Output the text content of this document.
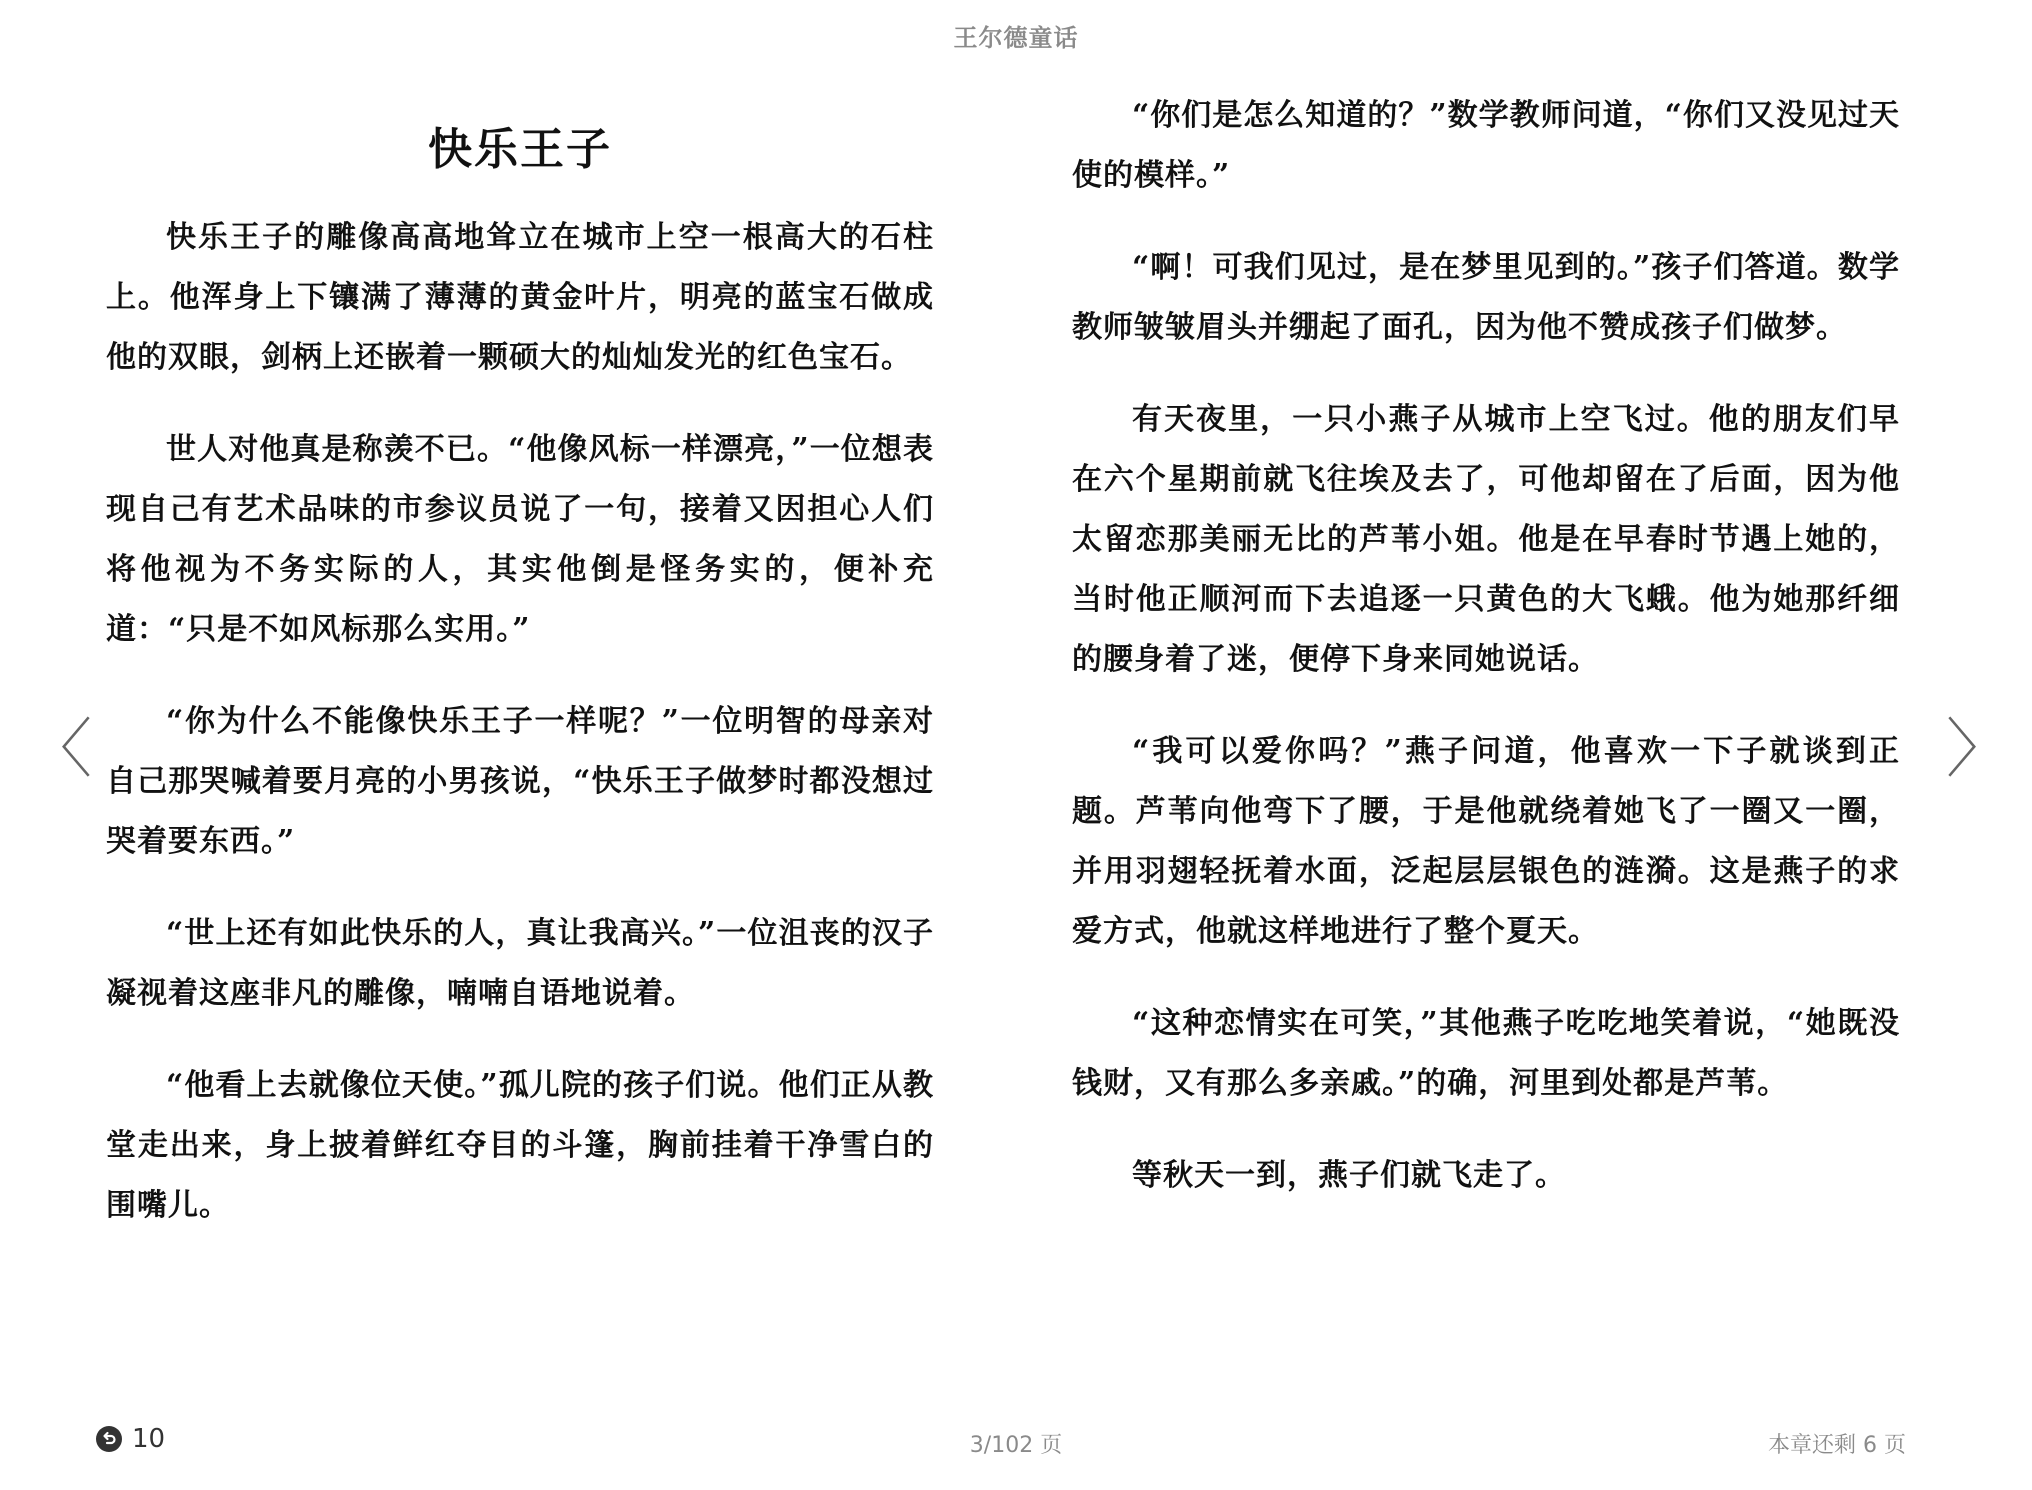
王尔德童话
快乐王子

快乐王子的雕像高高地耸立在城市上空一根高大的石柱上。他浑身上下镶满了薄薄的黄金叶片，明亮的蓝宝石做成他的双眼，剑柄上还嵌着一颗硕大的灿灿发光的红色宝石。

世人对他真是称羡不已。“他像风标一样漂亮，”一位想表现自己有艺术品味的市参议员说了一句，接着又因担心人们将他视为不务实际的人，其实他倒是怪务实的，便补充道：“只是不如风标那么实用。”

“你为什么不能像快乐王子一样呢？”一位明智的母亲对自己那哭喊着要月亮的小男孩说，“快乐王子做梦时都没想过哭着要东西。”

“世上还有如此快乐的人，真让我高兴。”一位沮丧的汉子凝视着这座非凡的雕像，喃喃自语地说着。

“他看上去就像位天使。”孤儿院的孩子们说。他们正从教堂走出来，身上披着鲜红夺目的斗篷，胸前挂着干净雪白的围嘴儿。

“你们是怎么知道的？”数学教师问道，“你们又没见过天使的模样。”

“啊！可我们见过，是在梦里见到的。”孩子们答道。数学教师皱皱眉头并绷起了面孔，因为他不赞成孩子们做梦。

有天夜里，一只小燕子从城市上空飞过。他的朋友们早在六个星期前就飞往埃及去了，可他却留在了后面，因为他太留恋那美丽无比的芦苇小姐。他是在早春时节遇上她的，当时他正顺河而下去追逐一只黄色的大飞蛾。他为她那纤细的腰身着了迷，便停下身来同她说话。

“我可以爱你吗？”燕子问道，他喜欢一下子就谈到正题。芦苇向他弯下了腰，于是他就绕着她飞了一圈又一圈，并用羽翅轻抚着水面，泛起层层银色的涟漪。这是燕子的求爱方式，他就这样地进行了整个夏天。

“这种恋情实在可笑，”其他燕子吃吃地笑着说，“她既没钱财，又有那么多亲戚。”的确，河里到处都是芦苇。

等秋天一到，燕子们就飞走了。

〈	〉
10	3/102 页	本章还剩 6 页
